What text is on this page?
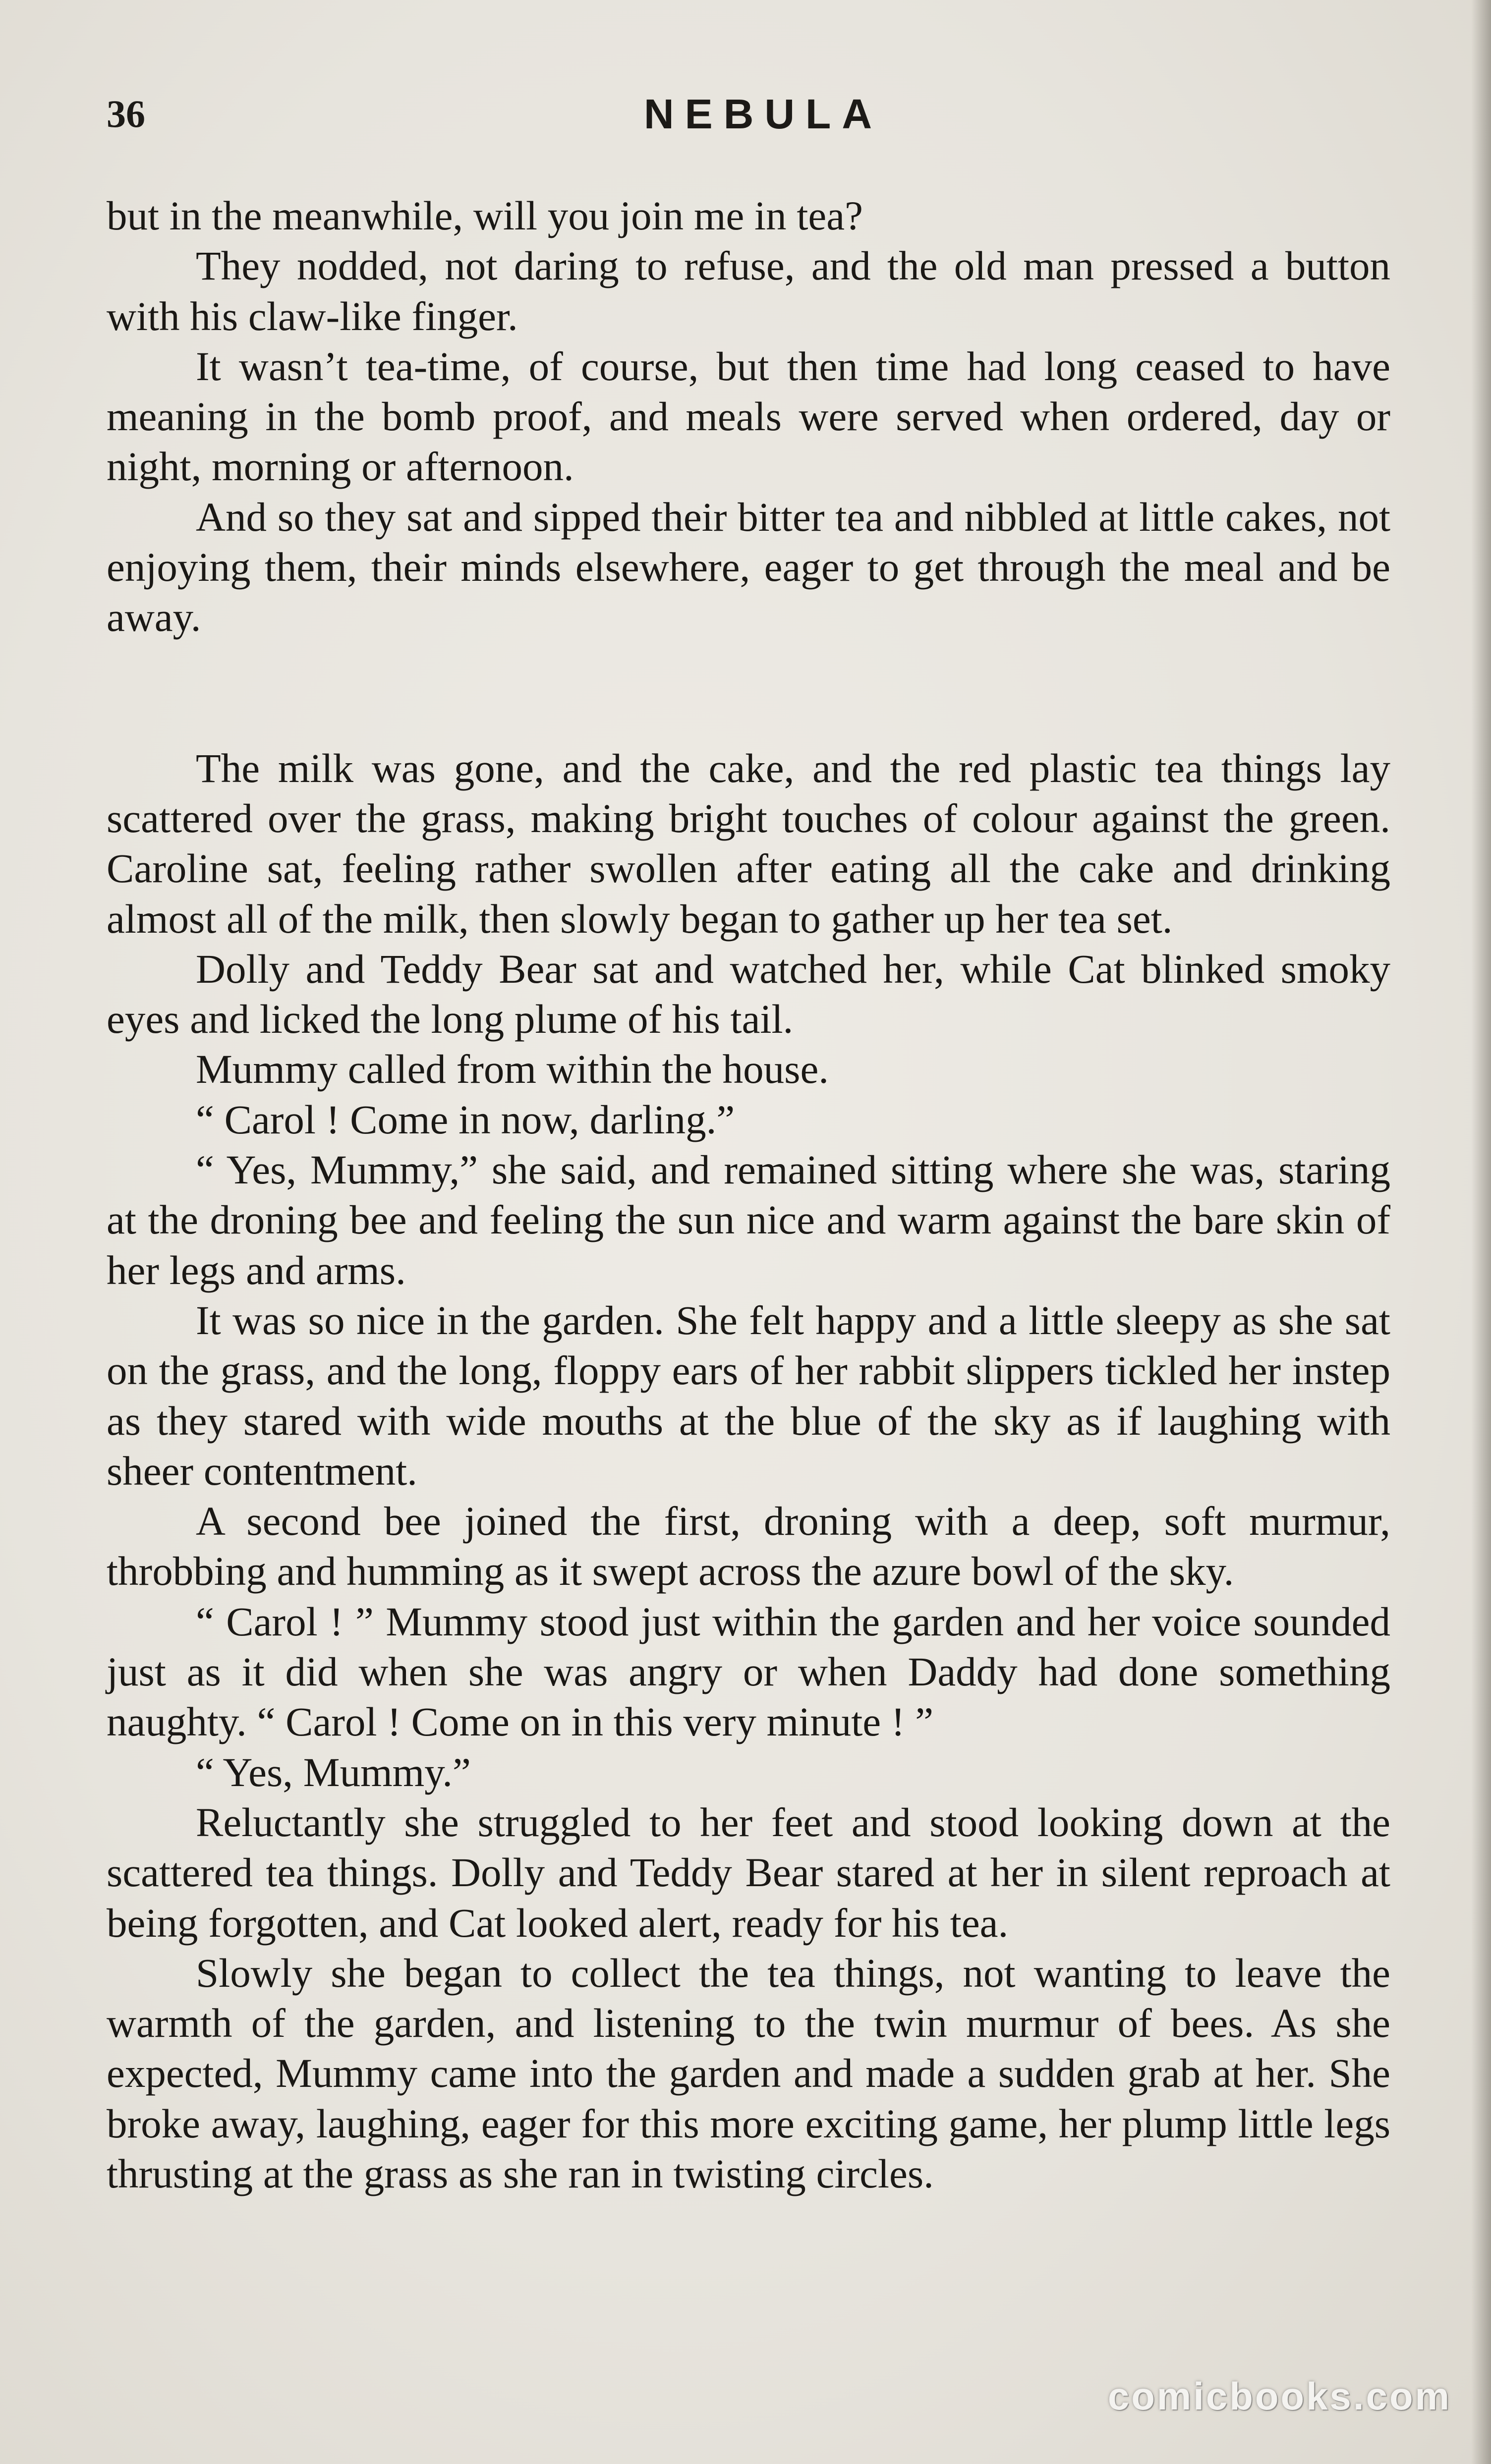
36	NEBULA

but in the meanwhile, will you join me in tea?

They nodded, not daring to refuse, and the old man pressed a button with his claw-like finger.

It wasn’t tea-time, of course, but then time had long ceased to have meaning in the bomb proof, and meals were served when ordered, day or night, morning or afternoon.

And so they sat and sipped their bitter tea and nibbled at little cakes, not enjoying them, their minds elsewhere, eager to get through the meal and be away.

The milk was gone, and the cake, and the red plastic tea things lay scattered over the grass, making bright touches of colour against the green. Caroline sat, feeling rather swollen after eating all the cake and drinking almost all of the milk, then slowly began to gather up her tea set.

Dolly and Teddy Bear sat and watched her, while Cat blinked smoky eyes and licked the long plume of his tail.

Mummy called from within the house.

“ Carol ! Come in now, darling.”

“ Yes, Mummy,” she said, and remained sitting where she was, staring at the droning bee and feeling the sun nice and warm against the bare skin of her legs and arms.

It was so nice in the garden. She felt happy and a little sleepy as she sat on the grass, and the long, floppy ears of her rabbit slippers tickled her instep as they stared with wide mouths at the blue of the sky as if laughing with sheer contentment.

A second bee joined the first, droning with a deep, soft murmur, throbbing and humming as it swept across the azure bowl of the sky.

“ Carol ! ” Mummy stood just within the garden and her voice sounded just as it did when she was angry or when Daddy had done something naughty. “ Carol ! Come on in this very minute ! ”

“ Yes, Mummy.”

Reluctantly she struggled to her feet and stood looking down at the scattered tea things. Dolly and Teddy Bear stared at her in silent reproach at being forgotten, and Cat looked alert, ready for his tea.

Slowly she began to collect the tea things, not wanting to leave the warmth of the garden, and listening to the twin murmur of bees. As she expected, Mummy came into the garden and made a sudden grab at her. She broke away, laughing, eager for this more exciting game, her plump little legs thrusting at the grass as she ran in twisting circles.

comicbooks.com
